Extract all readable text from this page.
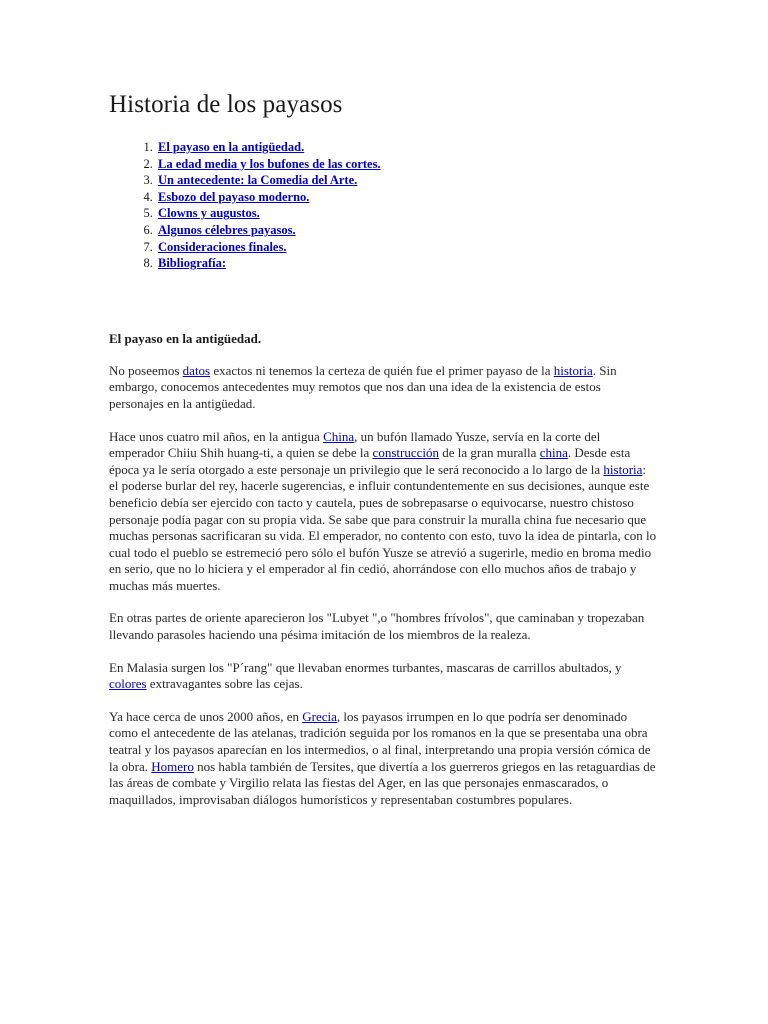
Historia de los payasos
1. El payaso en la antigüedad.
2. La edad media y los bufones de las cortes.
3. Un antecedente: la Comedia del Arte.
4. Esbozo del payaso moderno.
5. Clowns y augustos.
6. Algunos célebres payasos.
7. Consideraciones finales.
8. Bibliografía:
El payaso en la antigüedad.

No poseemos datos exactos ni tenemos la certeza de quién fue el primer payaso de la historia. Sin embargo, conocemos antecedentes muy remotos que nos dan una idea de la existencia de estos personajes en la antigüedad.

Hace unos cuatro mil años, en la antigua China, un bufón llamado Yusze, servía en la corte del emperador Chiiu Shih huang-ti, a quien se debe la construcción de la gran muralla china. Desde esta época ya le sería otorgado a este personaje un privilegio que le será reconocido a lo largo de la historia: el poderse burlar del rey, hacerle sugerencias, e influir contundentemente en sus decisiones, aunque este beneficio debía ser ejercido con tacto y cautela, pues de sobrepasarse o equivocarse, nuestro chistoso personaje podía pagar con su propia vida. Se sabe que para construir la muralla china fue necesario que muchas personas sacrificaran su vida. El emperador, no contento con esto, tuvo la idea de pintarla, con lo cual todo el pueblo se estremeció pero sólo el bufón Yusze se atrevió a sugerirle, medio en broma medio en serio, que no lo hiciera y el emperador al fin cedió, ahorrándose con ello muchos años de trabajo y muchas más muertes.

En otras partes de oriente aparecieron los "Lubyet ",o "hombres frívolos", que caminaban y tropezaban llevando parasoles haciendo una pésima imitación de los miembros de la realeza.

En Malasia surgen los "P´rang" que llevaban enormes turbantes, mascaras de carrillos abultados, y colores extravagantes sobre las cejas.

Ya hace cerca de unos 2000 años, en Grecia, los payasos irrumpen en lo que podría ser denominado como el antecedente de las atelanas, tradición seguida por los romanos en la que se presentaba una obra teatral y los payasos aparecían en los intermedios, o al final, interpretando una propia versión cómica de la obra. Homero nos habla también de Tersites, que divertía a los guerreros griegos en las retaguardias de las áreas de combate y Virgilio relata las fiestas del Ager, en las que personajes enmascarados, o maquillados, improvisaban diálogos humorísticos y representaban costumbres populares.
